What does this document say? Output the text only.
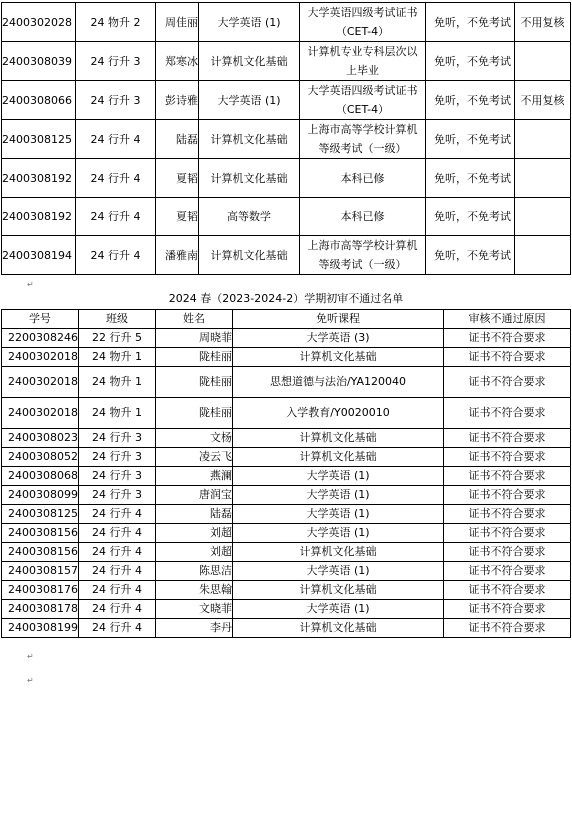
2400302028	24 物升 2	周佳丽	大学英语 (1)	大学英语四级考试证书（CET-4）	免听，不免考试	不用复核
2400308039	24 行升 3	郑寒冰	计算机文化基础	计算机专业专科层次以上毕业	免听，不免考试	
2400308066	24 行升 3	彭诗雅	大学英语 (1)	大学英语四级考试证书（CET-4）	免听，不免考试	不用复核
2400308125	24 行升 4	陆磊	计算机文化基础	上海市高等学校计算机等级考试（一级）	免听，不免考试	
2400308192	24 行升 4	夏韬	计算机文化基础	本科已修	免听，不免考试	
2400308192	24 行升 4	夏韬	高等数学	本科已修	免听，不免考试	
2400308194	24 行升 4	潘雅南	计算机文化基础	上海市高等学校计算机等级考试（一级）	免听，不免考试	
↵
2024 春（2023-2024-2）学期初审不通过名单
学号	班级	姓名	免听课程	审核不通过原因
2200308246	22 行升 5	周晓菲	大学英语 (3)	证书不符合要求
2400302018	24 物升 1	陇桂丽	计算机文化基础	证书不符合要求
2400302018	24 物升 1	陇桂丽	思想道德与法治/YA120040	证书不符合要求
2400302018	24 物升 1	陇桂丽	入学教育/Y0020010	证书不符合要求
2400308023	24 行升 3	文杨	计算机文化基础	证书不符合要求
2400308052	24 行升 3	凌云飞	计算机文化基础	证书不符合要求
2400308068	24 行升 3	燕澜	大学英语 (1)	证书不符合要求
2400308099	24 行升 3	唐润宝	大学英语 (1)	证书不符合要求
2400308125	24 行升 4	陆磊	大学英语 (1)	证书不符合要求
2400308156	24 行升 4	刘超	大学英语 (1)	证书不符合要求
2400308156	24 行升 4	刘超	计算机文化基础	证书不符合要求
2400308157	24 行升 4	陈思洁	大学英语 (1)	证书不符合要求
2400308176	24 行升 4	朱思翰	计算机文化基础	证书不符合要求
2400308178	24 行升 4	文晓菲	大学英语 (1)	证书不符合要求
2400308199	24 行升 4	李丹	计算机文化基础	证书不符合要求
↵
↵
